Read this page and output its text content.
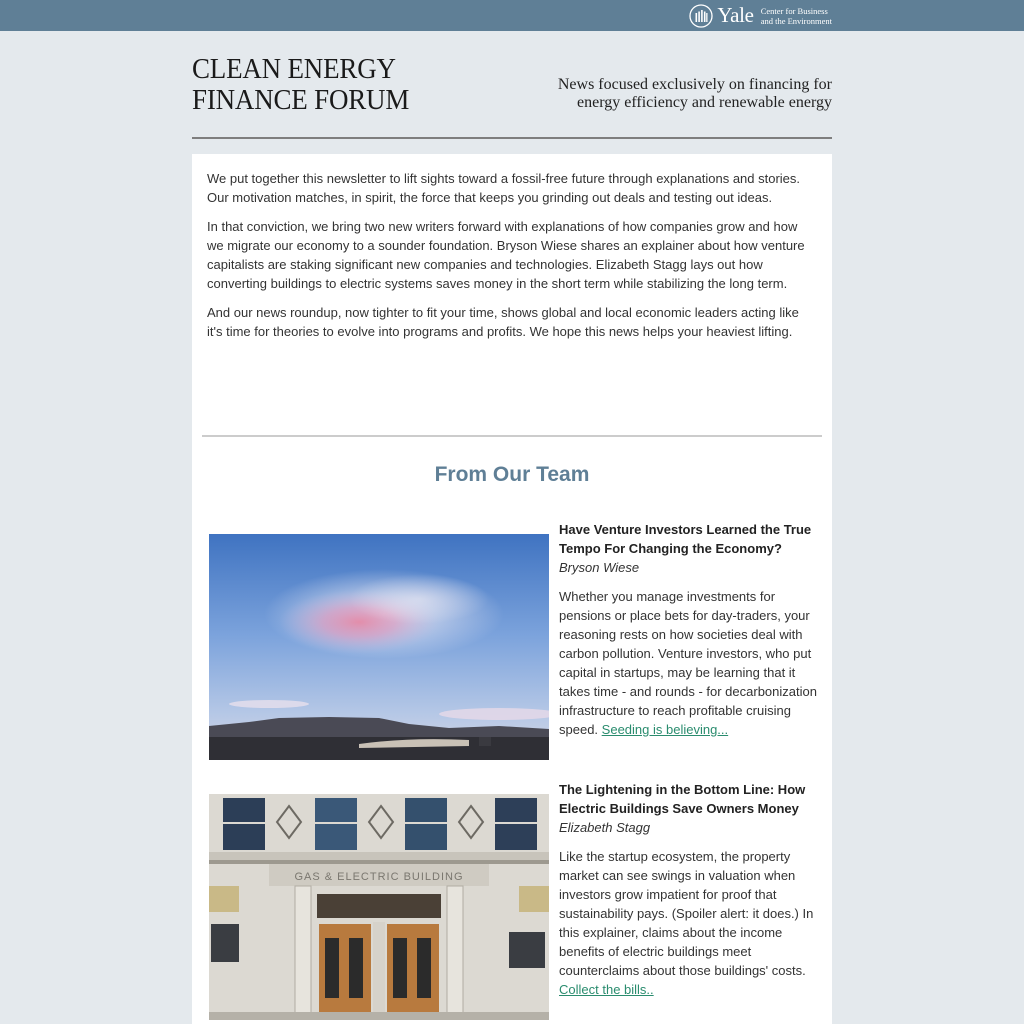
Yale Center for Business
and the Environment
CLEAN ENERGY
FINANCE FORUM	News focused exclusively on financing for
energy efficiency and renewable energy

We put together this newsletter to lift sights toward a fossil-free future through explanations and stories. Our motivation matches, in spirit, the force that keeps you grinding out deals and testing out ideas.

In that conviction, we bring two new writers forward with explanations of how companies grow and how we migrate our economy to a sounder foundation. Bryson Wiese shares an explainer about how venture capitalists are staking significant new companies and technologies. Elizabeth Stagg lays out how converting buildings to electric systems saves money in the short term while stabilizing the long term.

And our news roundup, now tighter to fit your time, shows global and local economic leaders acting like it's time for theories to evolve into programs and profits. We hope this news helps your heaviest lifting.

From Our Team

Have Venture Investors Learned the True Tempo For Changing the Economy?

Bryson Wiese

Whether you manage investments for pensions or place bets for day-traders, your reasoning rests on how societies deal with carbon pollution. Venture investors, who put capital in startups, may be learning that it takes time - and rounds - for decarbonization infrastructure to reach profitable cruising speed. Seeding is believing...

GAS & ELECTRIC BUILDING

The Lightening in the Bottom Line: How Electric Buildings Save Owners Money

Elizabeth Stagg

Like the startup ecosystem, the property market can see swings in valuation when investors grow impatient for proof that sustainability pays. (Spoiler alert: it does.) In this explainer, claims about the income benefits of electric buildings meet counterclaims about those buildings' costs. Collect the bills..
